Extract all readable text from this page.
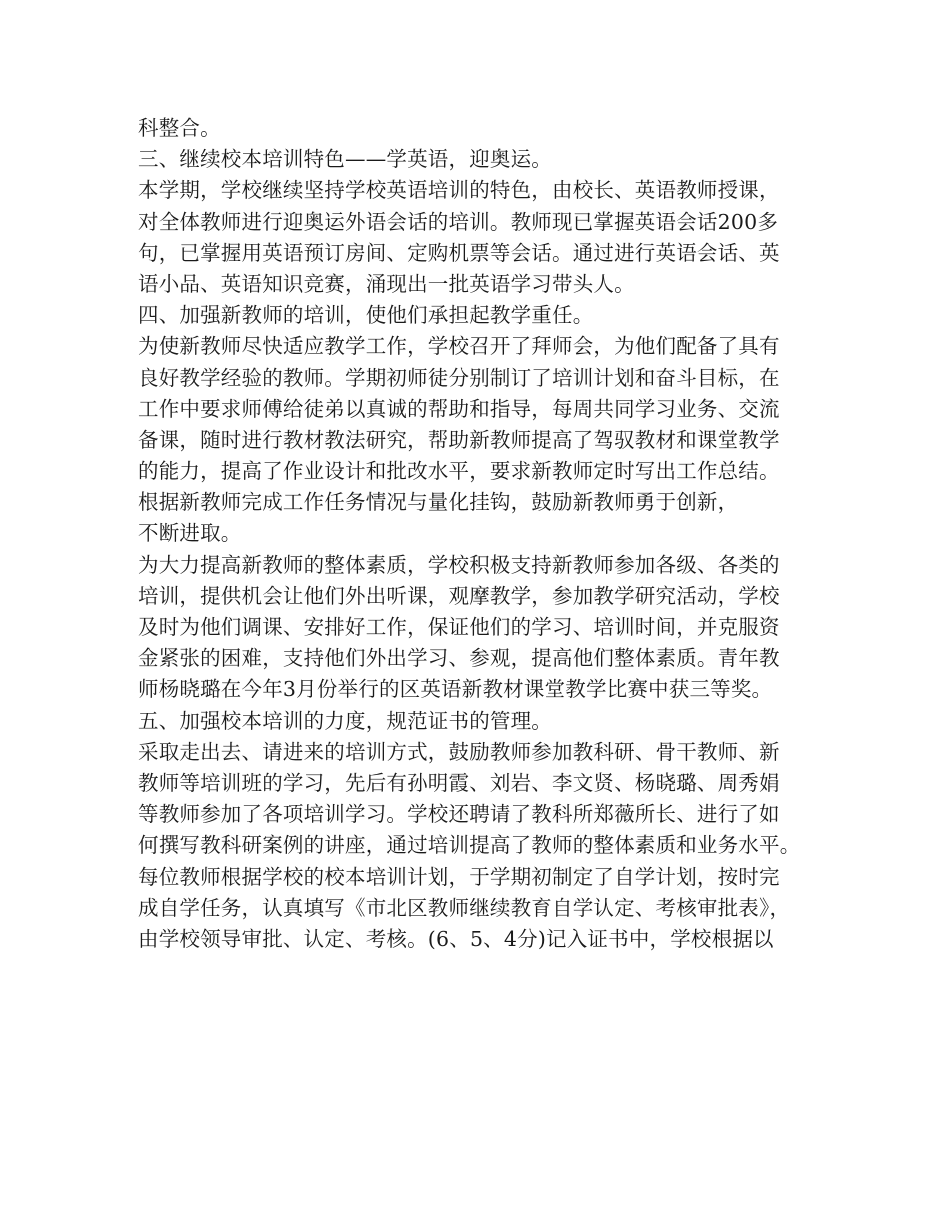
科整合。
三、继续校本培训特色——学英语，迎奥运。
本学期，学校继续坚持学校英语培训的特色，由校长、英语教师授课，
对全体教师进行迎奥运外语会话的培训。教师现已掌握英语会话200多
句，已掌握用英语预订房间、定购机票等会话。通过进行英语会话、英
语小品、英语知识竞赛，涌现出一批英语学习带头人。
四、加强新教师的培训，使他们承担起教学重任。
为使新教师尽快适应教学工作，学校召开了拜师会，为他们配备了具有
良好教学经验的教师。学期初师徒分别制订了培训计划和奋斗目标，在
工作中要求师傅给徒弟以真诚的帮助和指导，每周共同学习业务、交流
备课，随时进行教材教法研究，帮助新教师提高了驾驭教材和课堂教学
的能力，提高了作业设计和批改水平，要求新教师定时写出工作总结。
根据新教师完成工作任务情况与量化挂钩，鼓励新教师勇于创新，
不断进取。
为大力提高新教师的整体素质，学校积极支持新教师参加各级、各类的
培训，提供机会让他们外出听课，观摩教学，参加教学研究活动，学校
及时为他们调课、安排好工作，保证他们的学习、培训时间，并克服资
金紧张的困难，支持他们外出学习、参观，提高他们整体素质。青年教
师杨晓璐在今年3月份举行的区英语新教材课堂教学比赛中获三等奖。
五、加强校本培训的力度，规范证书的管理。
采取走出去、请进来的培训方式，鼓励教师参加教科研、骨干教师、新
教师等培训班的学习，先后有孙明霞、刘岩、李文贤、杨晓璐、周秀娟
等教师参加了各项培训学习。学校还聘请了教科所郑薇所长、进行了如
何撰写教科研案例的讲座，通过培训提高了教师的整体素质和业务水平。
每位教师根据学校的校本培训计划，于学期初制定了自学计划，按时完
成自学任务，认真填写《市北区教师继续教育自学认定、考核审批表》，
由学校领导审批、认定、考核。(6、5、4分)记入证书中，学校根据以
